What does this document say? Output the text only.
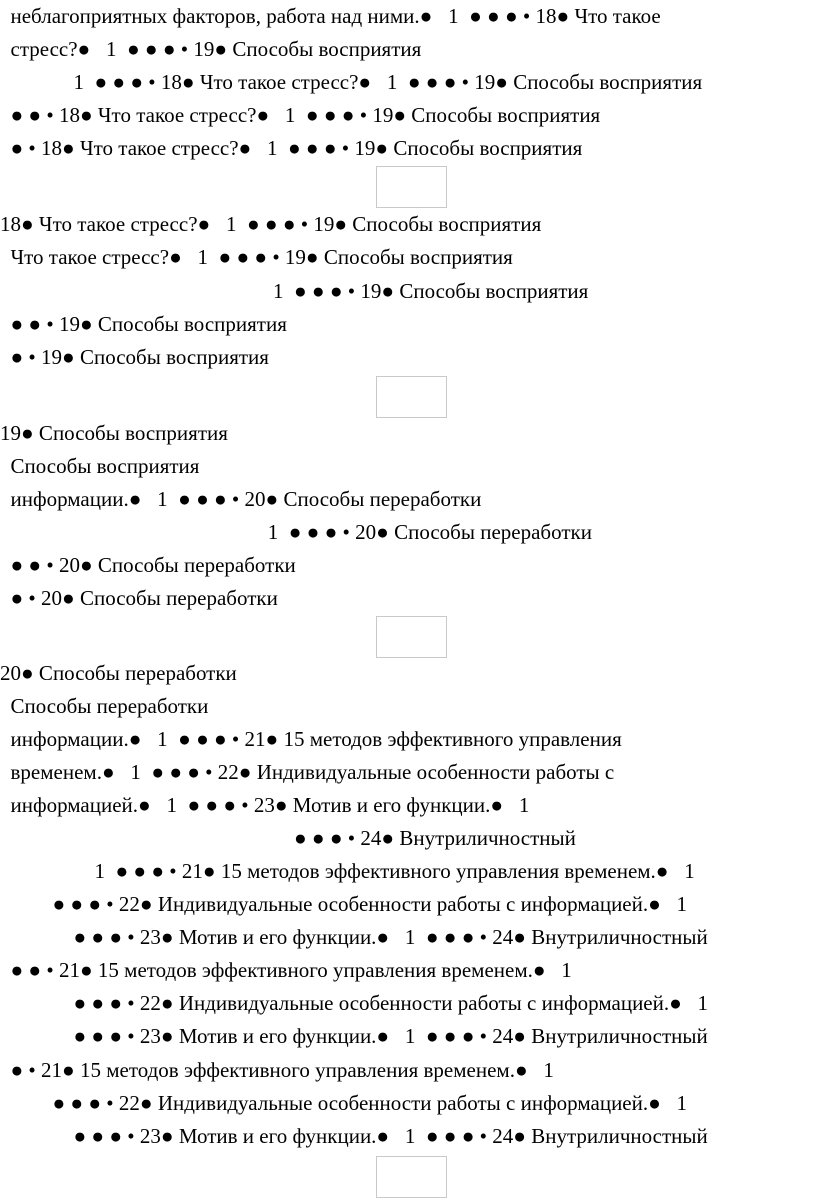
неблагоприятных факторов, работа над ними.●   1  ● ● ● • 18● Что такое
стресс?●   1  ● ● ● • 19● Способы восприятия
1  ● ● ● • 18● Что такое стресс?●   1  ● ● ● • 19● Способы восприятия
● ● • 18● Что такое стресс?●   1  ● ● ● • 19● Способы восприятия
● • 18● Что такое стресс?●   1  ● ● ● • 19● Способы восприятия
18● Что такое стресс?●   1  ● ● ● • 19● Способы восприятия
Что такое стресс?●   1  ● ● ● • 19● Способы восприятия
1  ● ● ● • 19● Способы восприятия
● ● • 19● Способы восприятия
● • 19● Способы восприятия
19● Способы восприятия
Способы восприятия
информации.●   1  ● ● ● • 20● Способы переработки
1  ● ● ● • 20● Способы переработки
● ● • 20● Способы переработки
● • 20● Способы переработки
20● Способы переработки
Способы переработки
информации.●   1  ● ● ● • 21● 15 методов эффективного управления
временем.●   1  ● ● ● • 22● Индивидуальные особенности работы с
информацией.●   1  ● ● ● • 23● Мотив и его функции.●   1
● ● ● • 24● Внутриличностный
1  ● ● ● • 21● 15 методов эффективного управления временем.●   1
● ● ● • 22● Индивидуальные особенности работы с информацией.●   1
● ● ● • 23● Мотив и его функции.●   1  ● ● ● • 24● Внутриличностный
● ● • 21● 15 методов эффективного управления временем.●   1
● ● ● • 22● Индивидуальные особенности работы с информацией.●   1
● ● ● • 23● Мотив и его функции.●   1  ● ● ● • 24● Внутриличностный
● • 21● 15 методов эффективного управления временем.●   1
● ● ● • 22● Индивидуальные особенности работы с информацией.●   1
● ● ● • 23● Мотив и его функции.●   1  ● ● ● • 24● Внутриличностный
